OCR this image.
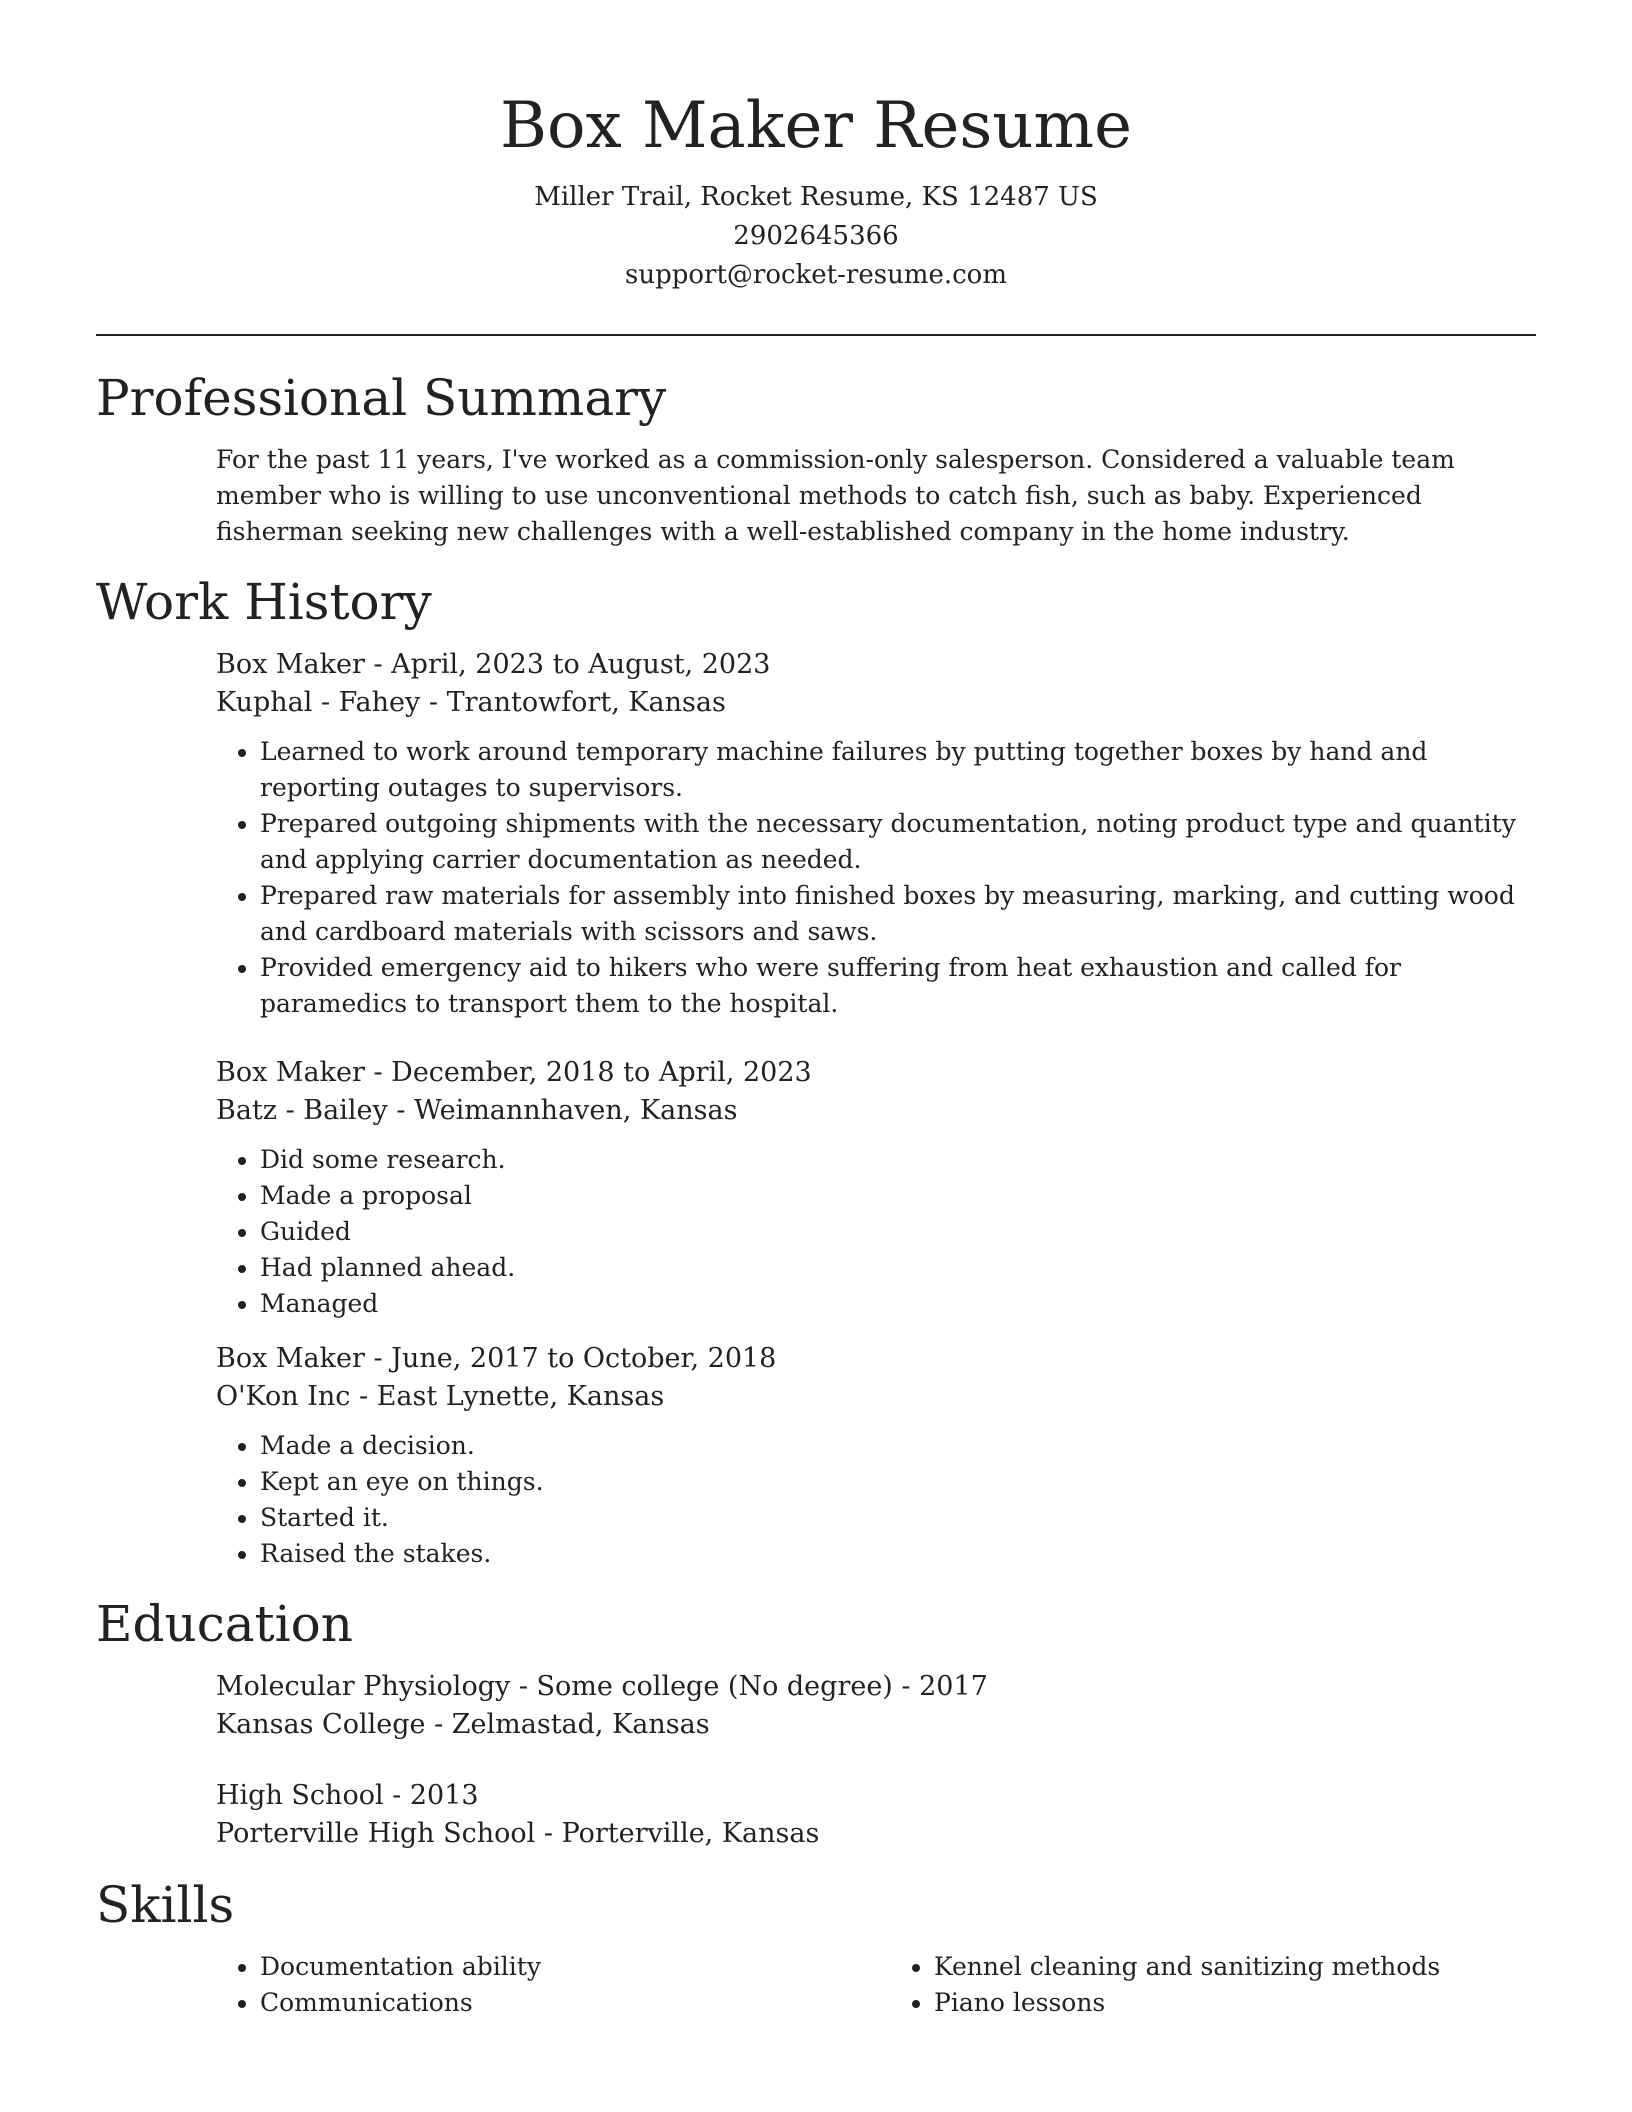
Box Maker Resume

Miller Trail, Rocket Resume, KS 12487 US

2902645366

support@rocket-resume.com

Professional Summary

For the past 11 years, I've worked as a commission-only salesperson. Considered a valuable team member who is willing to use unconventional methods to catch fish, such as baby. Experienced fisherman seeking new challenges with a well-established company in the home industry.

Work History

Box Maker - April, 2023 to August, 2023

Kuphal - Fahey - Trantowfort, Kansas

• Learned to work around temporary machine failures by putting together boxes by hand and reporting outages to supervisors.
• Prepared outgoing shipments with the necessary documentation, noting product type and quantity and applying carrier documentation as needed.
• Prepared raw materials for assembly into finished boxes by measuring, marking, and cutting wood and cardboard materials with scissors and saws.
• Provided emergency aid to hikers who were suffering from heat exhaustion and called for paramedics to transport them to the hospital.

Box Maker - December, 2018 to April, 2023

Batz - Bailey - Weimannhaven, Kansas

• Did some research.
• Made a proposal
• Guided
• Had planned ahead.
• Managed

Box Maker - June, 2017 to October, 2018

O'Kon Inc - East Lynette, Kansas

• Made a decision.
• Kept an eye on things.
• Started it.
• Raised the stakes.
Education

Molecular Physiology - Some college (No degree) - 2017

Kansas College - Zelmastad, Kansas

High School - 2013

Porterville High School - Porterville, Kansas

Skills
• Documentation ability
• Communications
• Kennel cleaning and sanitizing methods
• Piano lessons
